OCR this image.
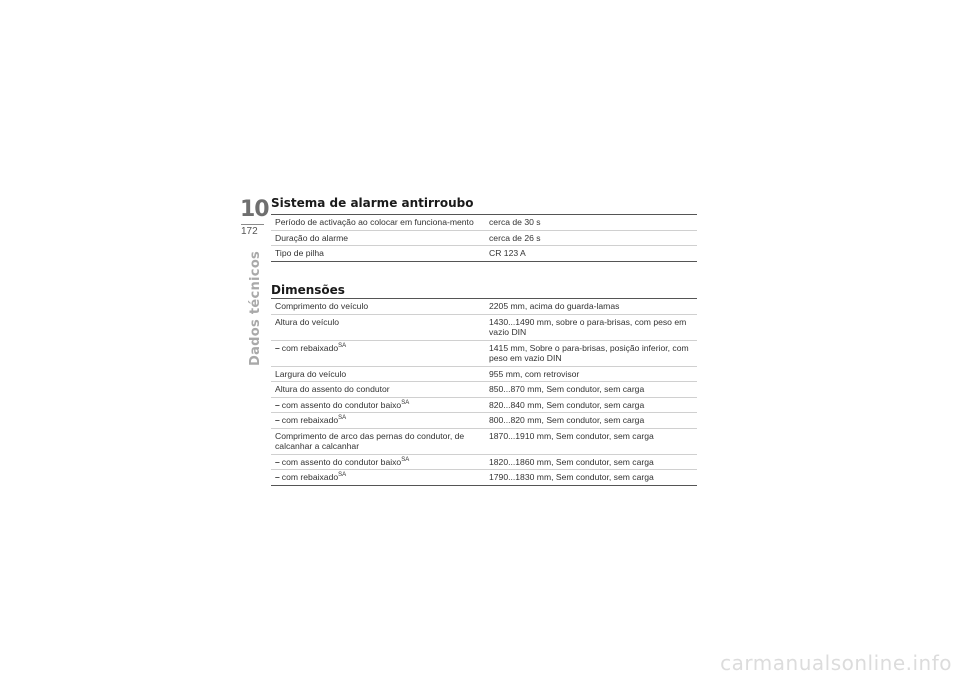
10
172
Dados técnicos
Sistema de alarme antirroubo
Período de activação ao colocar em funciona-mento	cerca de 30 s
Duração do alarme	cerca de 26 s
Tipo de pilha	CR 123 A
Dimensões
Comprimento do veículo	2205 mm, acima do guarda-lamas
Altura do veículo	1430...1490 mm, sobre o para-brisas, com peso em vazio DIN
– com rebaixado$^{SA}$	1415 mm, Sobre o para-brisas, posição inferior, com peso em vazio DIN
Largura do veículo	955 mm, com retrovisor
Altura do assento do condutor	850...870 mm, Sem condutor, sem carga
– com assento do condutor baixo$^{SA}$	820...840 mm, Sem condutor, sem carga
– com rebaixado$^{SA}$	800...820 mm, Sem condutor, sem carga
Comprimento de arco das pernas do condutor, de calcanhar a calcanhar	1870...1910 mm, Sem condutor, sem carga
– com assento do condutor baixo$^{SA}$	1820...1860 mm, Sem condutor, sem carga
– com rebaixado$^{SA}$	1790...1830 mm, Sem condutor, sem carga
carmanualsonline.info
